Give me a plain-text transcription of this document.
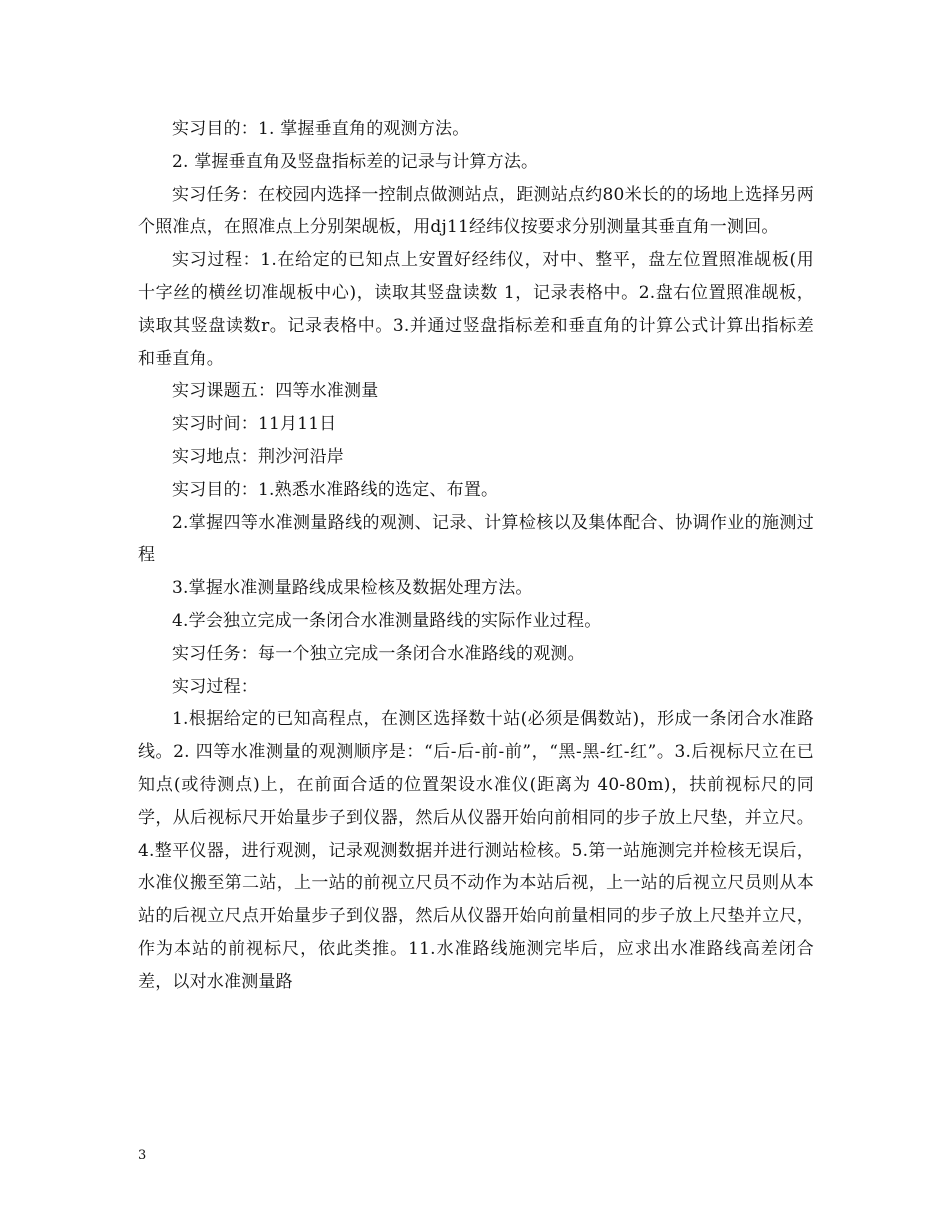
实习目的：1. 掌握垂直角的观测方法。

2. 掌握垂直角及竖盘指标差的记录与计算方法。

实习任务：在校园内选择一控制点做测站点，距测站点约80米长的的场地上选择另两个照准点，在照准点上分别架觇板，用dj11经纬仪按要求分别测量其垂直角一测回。

实习过程：1.在给定的已知点上安置好经纬仪，对中、整平，盘左位置照准觇板(用十字丝的横丝切准觇板中心)，读取其竖盘读数 1，记录表格中。2.盘右位置照准觇板，读取其竖盘读数r。记录表格中。3.并通过竖盘指标差和垂直角的计算公式计算出指标差和垂直角。

实习课题五：四等水准测量

实习时间：11月11日

实习地点：荆沙河沿岸

实习目的：1.熟悉水准路线的选定、布置。

2.掌握四等水准测量路线的观测、记录、计算检核以及集体配合、协调作业的施测过程

3.掌握水准测量路线成果检核及数据处理方法。

4.学会独立完成一条闭合水准测量路线的实际作业过程。

实习任务：每一个独立完成一条闭合水准路线的观测。

实习过程：

1.根据给定的已知高程点，在测区选择数十站(必须是偶数站)，形成一条闭合水准路线。2. 四等水准测量的观测顺序是：“后-后-前-前”，“黑-黑-红-红”。3.后视标尺立在已知点(或待测点)上，在前面合适的位置架设水准仪(距离为 40-80m)，扶前视标尺的同学，从后视标尺开始量步子到仪器，然后从仪器开始向前相同的步子放上尺垫，并立尺。4.整平仪器，进行观测，记录观测数据并进行测站检核。5.第一站施测完并检核无误后，水准仪搬至第二站，上一站的前视立尺员不动作为本站后视，上一站的后视立尺员则从本站的后视立尺点开始量步子到仪器，然后从仪器开始向前量相同的步子放上尺垫并立尺，作为本站的前视标尺，依此类推。11.水准路线施测完毕后，应求出水准路线高差闭合差，以对水准测量路

3
